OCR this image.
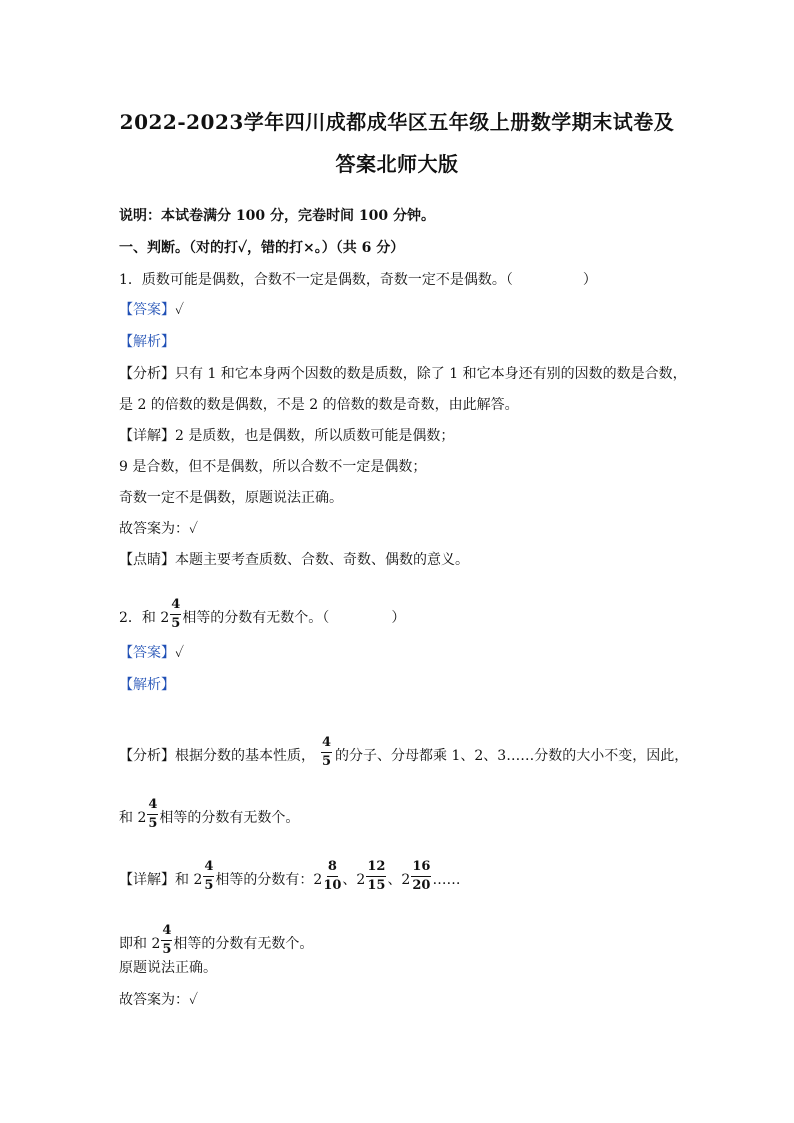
2022-2023学年四川成都成华区五年级上册数学期末试卷及
答案北师大版
说明：本试卷满分 100 分，完卷时间 100 分钟。
一、判断。（对的打✓，错的打×。）（共 6 分）
1．质数可能是偶数，合数不一定是偶数，奇数一定不是偶数。（	）
【答案】✓
【解析】
【分析】只有 1 和它本身两个因数的数是质数，除了 1 和它本身还有别的因数的数是合数，
是 2 的倍数的数是偶数，不是 2 的倍数的数是奇数，由此解答。
【详解】2 是质数，也是偶数，所以质数可能是偶数；
9 是合数，但不是偶数，所以合数不一定是偶数；
奇数一定不是偶数，原题说法正确。
故答案为：✓
【点睛】本题主要考查质数、合数、奇数、偶数的意义。
2．和 $2 \frac{4}{5}$ 相等的分数有无数个。（	）
【答案】✓
【解析】
【分析】根据分数的基本性质， $\frac{4}{5}$ 的分子、分母都乘 1、2、3……分数的大小不变，因此，
和 $2 \frac{4}{5}$ 相等的分数有无数个。
【详解】和 $2 \frac{4}{5}$ 相等的分数有：$2 \frac{8}{10}$ 、$2 \frac{12}{15}$ 、$2 \frac{16}{20}$ ……
即和 $2 \frac{4}{5}$ 相等的分数有无数个。
原题说法正确。
故答案为：✓
